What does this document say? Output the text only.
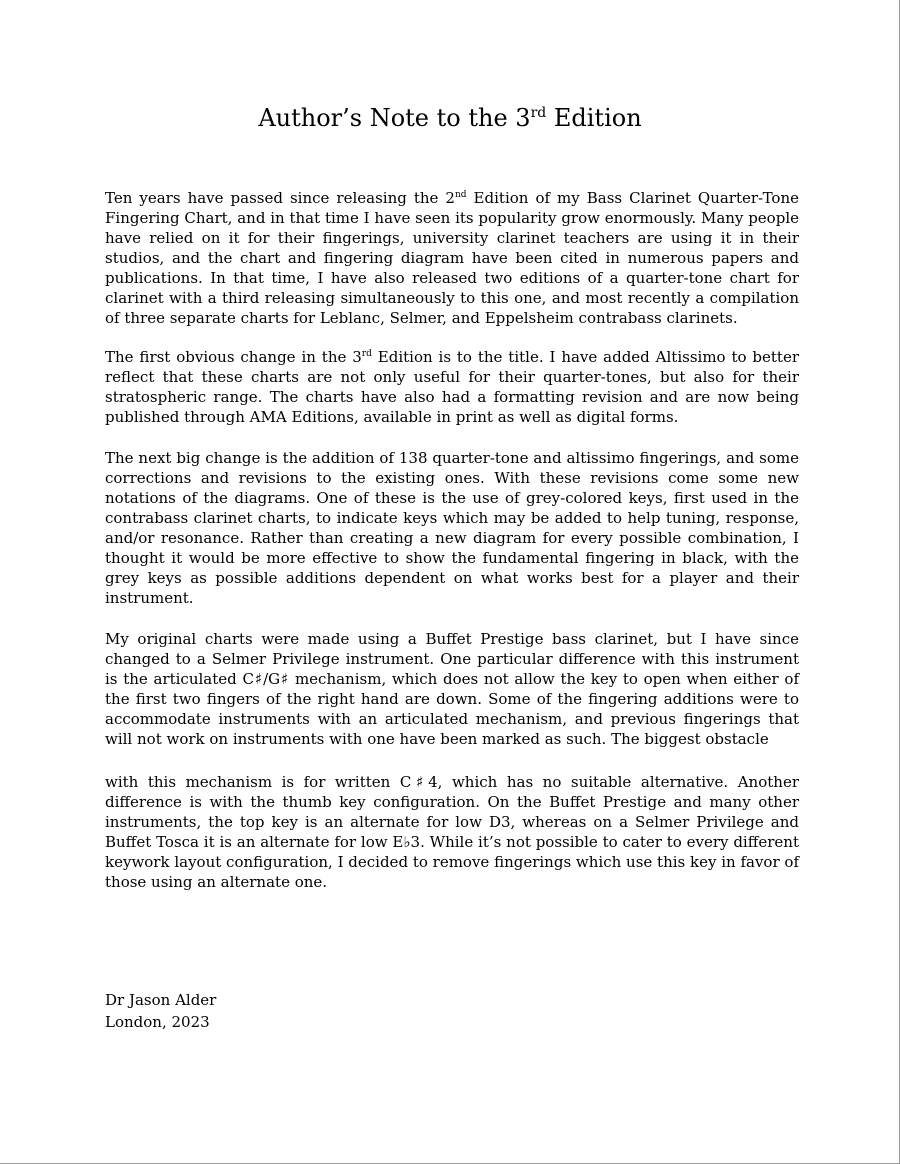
Author’s Note to the 3rd Edition

Ten years have passed since releasing the 2nd Edition of my Bass Clarinet Quarter-Tone Fingering Chart, and in that time I have seen its popularity grow enormously. Many people have relied on it for their fingerings, university clarinet teachers are using it in their studios, and the chart and fingering diagram have been cited in numerous papers and publications. In that time, I have also released two editions of a quarter-tone chart for clarinet with a third releasing simultaneously to this one, and most recently a compilation of three separate charts for Leblanc, Selmer, and Eppelsheim contrabass clarinets.

The first obvious change in the 3rd Edition is to the title. I have added Altissimo to better reflect that these charts are not only useful for their quarter-tones, but also for their stratospheric range. The charts have also had a formatting revision and are now being published through AMA Editions, available in print as well as digital forms.

The next big change is the addition of 138 quarter-tone and altissimo fingerings, and some corrections and revisions to the existing ones. With these revisions come some new notations of the diagrams. One of these is the use of grey-colored keys, first used in the contrabass clarinet charts, to indicate keys which may be added to help tuning, response, and/or resonance. Rather than creating a new diagram for every possible combination, I thought it would be more effective to show the fundamental fingering in black, with the grey keys as possible additions dependent on what works best for a player and their instrument.

My original charts were made using a Buffet Prestige bass clarinet, but I have since changed to a Selmer Privilege instrument. One particular difference with this instrument is the articulated C♯/G♯ mechanism, which does not allow the key to open when either of the first two fingers of the right hand are down. Some of the fingering additions were to accommodate instruments with an articulated mechanism, and previous fingerings that will not work on instruments with one have been marked as such. The biggest obstacle

with this mechanism is for written C♯4, which has no suitable alternative. Another difference is with the thumb key configuration. On the Buffet Prestige and many other instruments, the top key is an alternate for low D3, whereas on a Selmer Privilege and Buffet Tosca it is an alternate for low E♭3. While it’s not possible to cater to every different keywork layout configuration, I decided to remove fingerings which use this key in favor of those using an alternate one.

Dr Jason Alder

London, 2023
